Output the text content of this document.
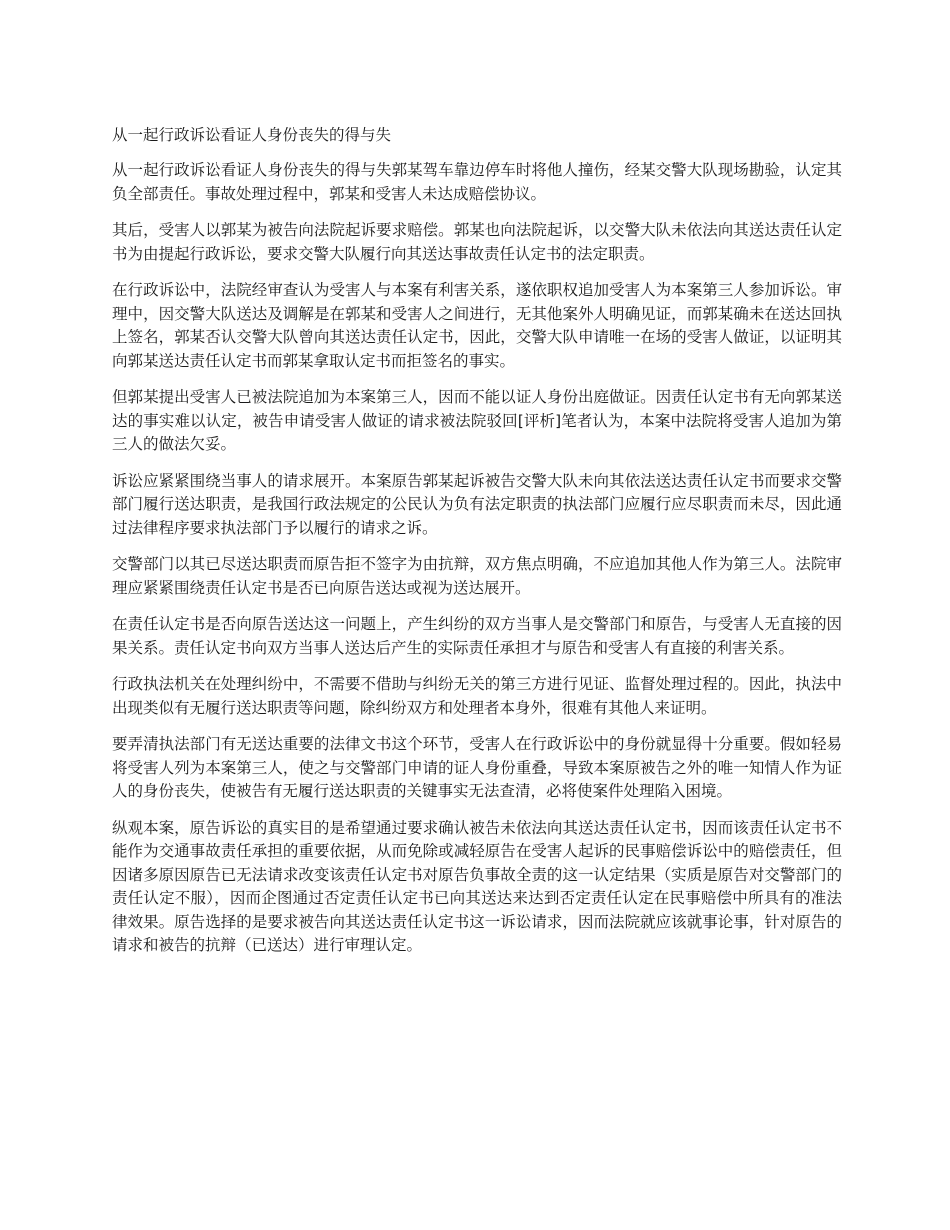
从一起行政诉讼看证人身份丧失的得与失

从一起行政诉讼看证人身份丧失的得与失郭某驾车靠边停车时将他人撞伤，经某交警大队现场勘验，认定其负全部责任。事故处理过程中，郭某和受害人未达成赔偿协议。

其后，受害人以郭某为被告向法院起诉要求赔偿。郭某也向法院起诉，以交警大队未依法向其送达责任认定书为由提起行政诉讼，要求交警大队履行向其送达事故责任认定书的法定职责。

在行政诉讼中，法院经审查认为受害人与本案有利害关系，遂依职权追加受害人为本案第三人参加诉讼。审理中，因交警大队送达及调解是在郭某和受害人之间进行，无其他案外人明确见证，而郭某确未在送达回执上签名，郭某否认交警大队曾向其送达责任认定书，因此，交警大队申请唯一在场的受害人做证，以证明其向郭某送达责任认定书而郭某拿取认定书而拒签名的事实。

但郭某提出受害人已被法院追加为本案第三人，因而不能以证人身份出庭做证。因责任认定书有无向郭某送达的事实难以认定，被告申请受害人做证的请求被法院驳回[评析]笔者认为，本案中法院将受害人追加为第三人的做法欠妥。

诉讼应紧紧围绕当事人的请求展开。本案原告郭某起诉被告交警大队未向其依法送达责任认定书而要求交警部门履行送达职责，是我国行政法规定的公民认为负有法定职责的执法部门应履行应尽职责而未尽，因此通过法律程序要求执法部门予以履行的请求之诉。

交警部门以其已尽送达职责而原告拒不签字为由抗辩，双方焦点明确，不应追加其他人作为第三人。法院审理应紧紧围绕责任认定书是否已向原告送达或视为送达展开。

在责任认定书是否向原告送达这一问题上，产生纠纷的双方当事人是交警部门和原告，与受害人无直接的因果关系。责任认定书向双方当事人送达后产生的实际责任承担才与原告和受害人有直接的利害关系。

行政执法机关在处理纠纷中，不需要不借助与纠纷无关的第三方进行见证、监督处理过程的。因此，执法中出现类似有无履行送达职责等问题，除纠纷双方和处理者本身外，很难有其他人来证明。

要弄清执法部门有无送达重要的法律文书这个环节，受害人在行政诉讼中的身份就显得十分重要。假如轻易将受害人列为本案第三人，使之与交警部门申请的证人身份重叠，导致本案原被告之外的唯一知情人作为证人的身份丧失，使被告有无履行送达职责的关键事实无法查清，必将使案件处理陷入困境。

纵观本案，原告诉讼的真实目的是希望通过要求确认被告未依法向其送达责任认定书，因而该责任认定书不能作为交通事故责任承担的重要依据，从而免除或减轻原告在受害人起诉的民事赔偿诉讼中的赔偿责任，但因诸多原因原告已无法请求改变该责任认定书对原告负事故全责的这一认定结果（实质是原告对交警部门的责任认定不服），因而企图通过否定责任认定书已向其送达来达到否定责任认定在民事赔偿中所具有的准法律效果。原告选择的是要求被告向其送达责任认定书这一诉讼请求，因而法院就应该就事论事，针对原告的请求和被告的抗辩（已送达）进行审理认定。
